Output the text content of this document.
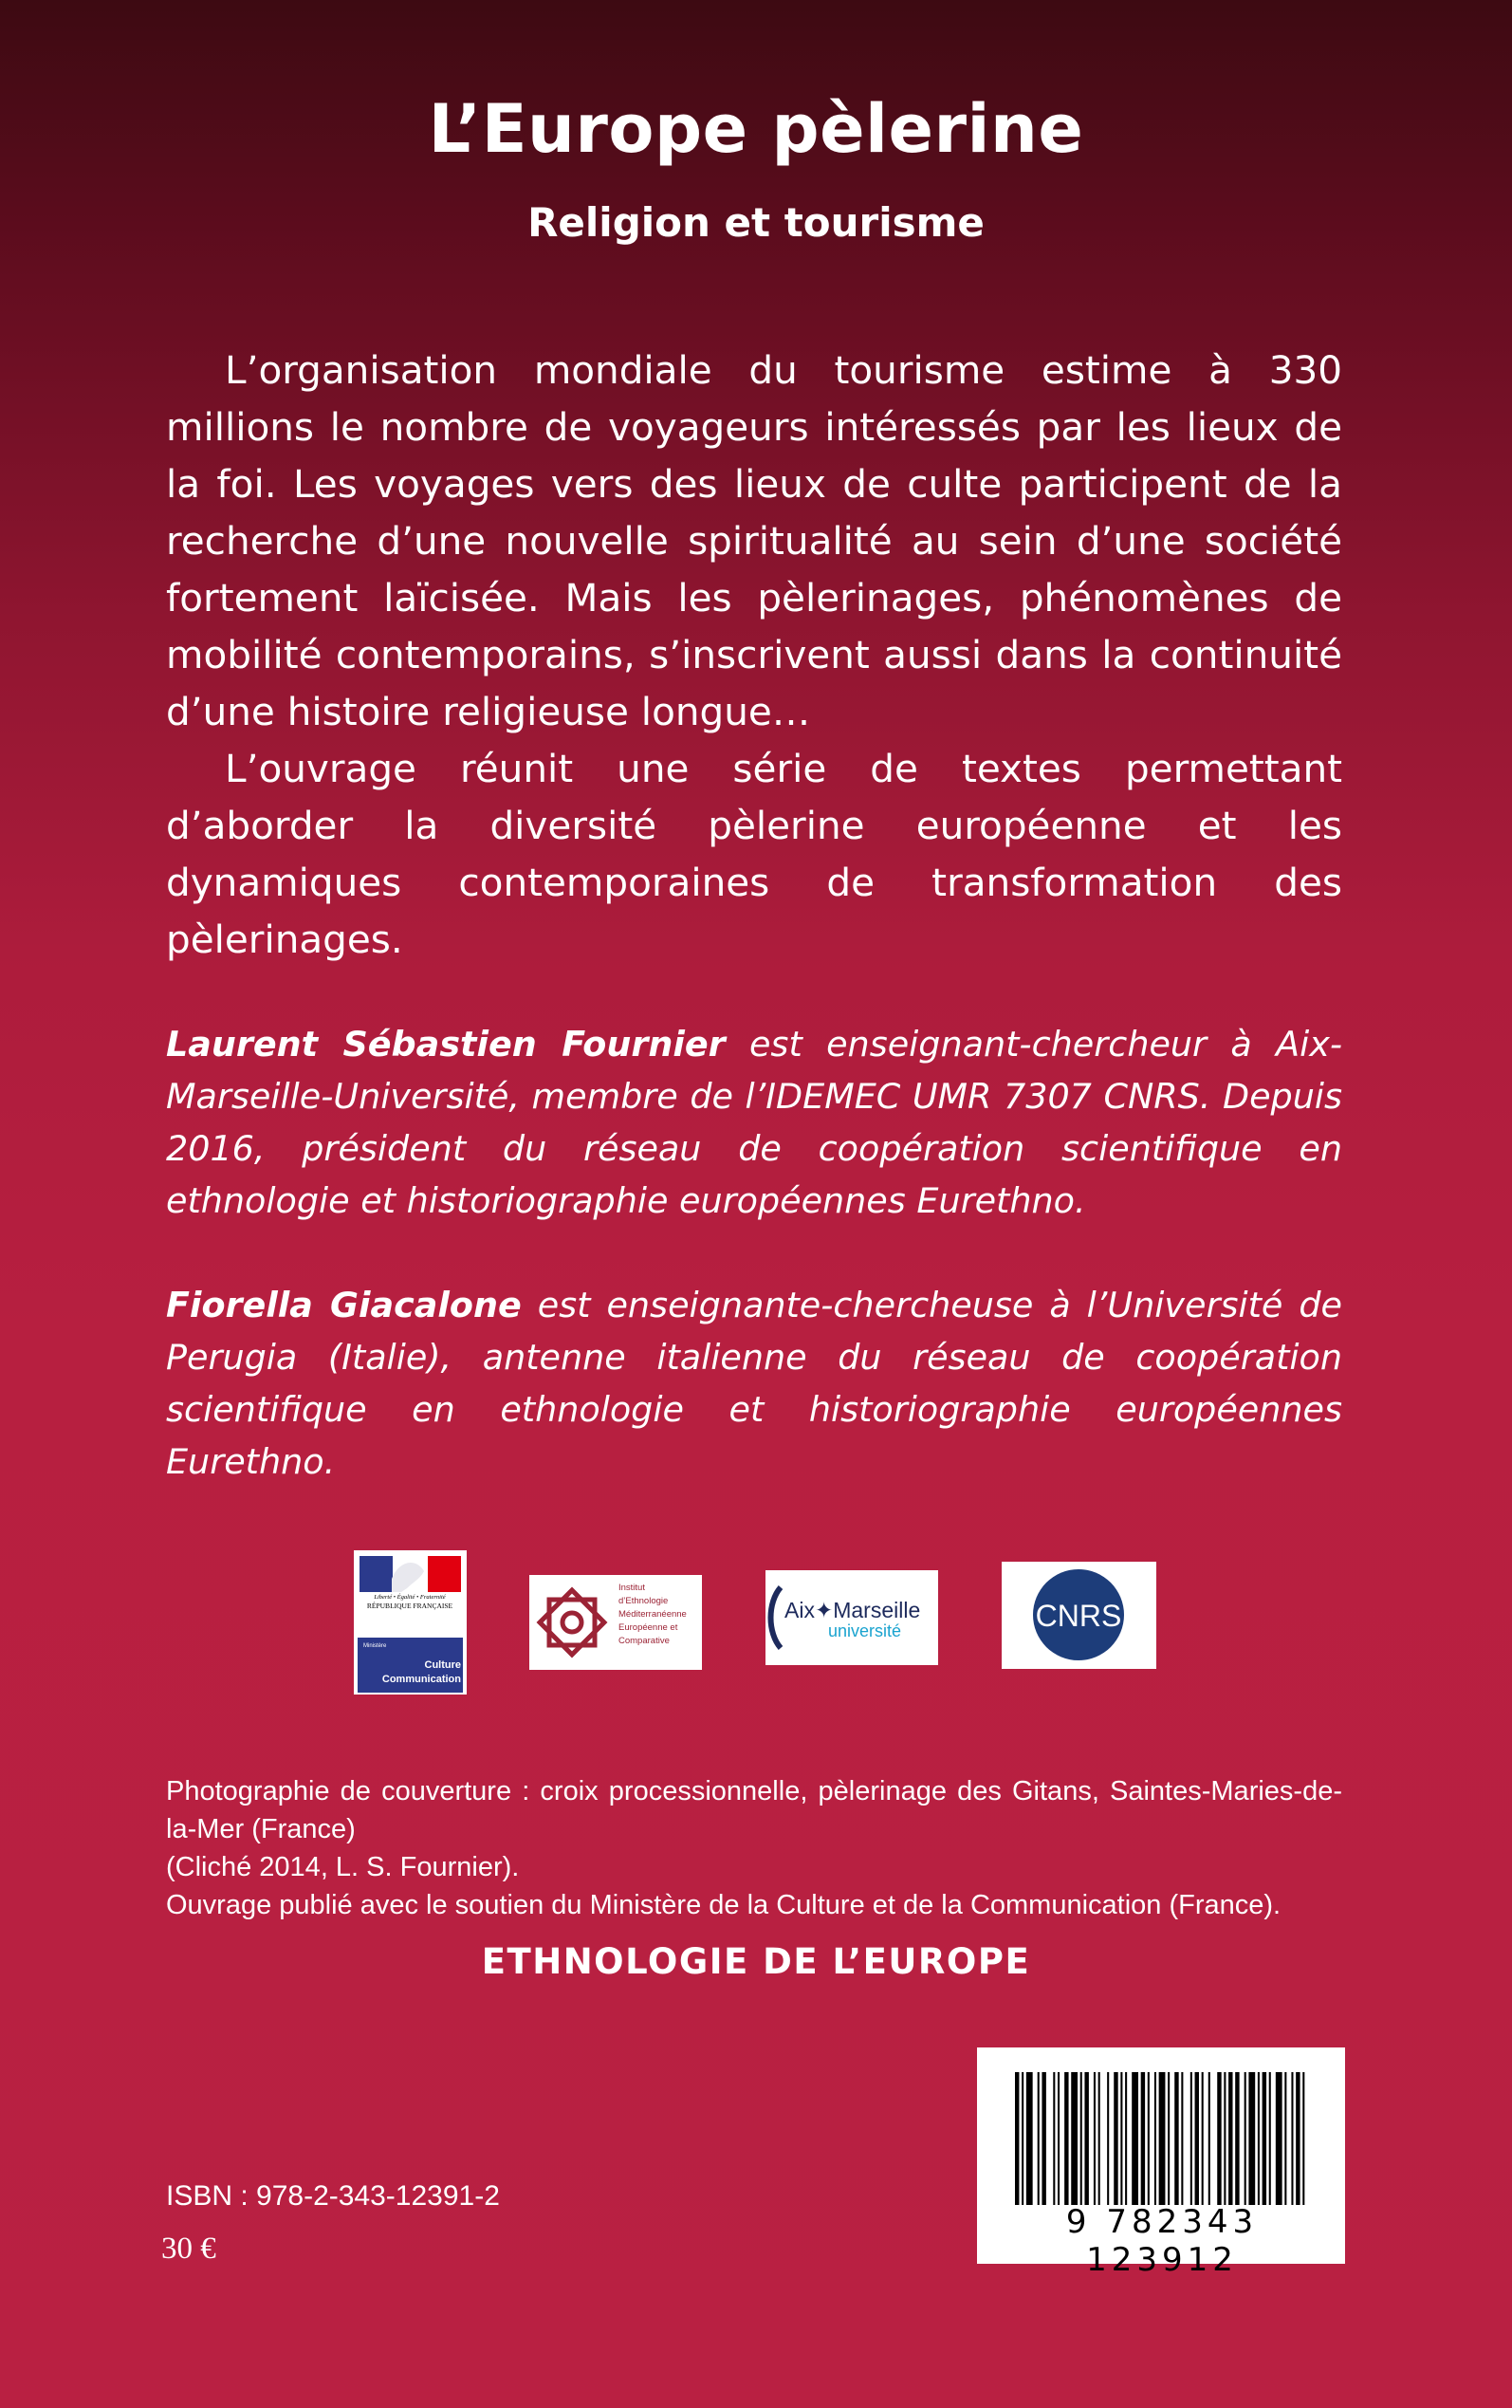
L’Europe pèlerine
Religion et tourisme

L’organisation mondiale du tourisme estime à 330 millions le nombre de voyageurs intéressés par les lieux de la foi. Les voyages vers des lieux de culte participent de la recherche d’une nouvelle spiritualité au sein d’une société fortement laïcisée. Mais les pèlerinages, phénomènes de mobilité contemporains, s’inscrivent aussi dans la continuité d’une histoire religieuse longue…

L’ouvrage réunit une série de textes permettant d’aborder la diversité pèlerine européenne et les dynamiques contemporaines de transformation des pèlerinages.

Laurent Sébastien Fournier est enseignant-chercheur à Aix-Marseille-Université, membre de l’IDEMEC UMR 7307 CNRS. Depuis 2016, président du réseau de coopération scientifique en ethnologie et historiographie européennes Eurethno.

Fiorella Giacalone est enseignante-chercheuse à l’Université de Perugia (Italie), antenne italienne du réseau de coopération scientifique en ethnologie et historiographie européennes Eurethno.

Liberté • Égalité • Fraternité
RÉPUBLIQUE FRANÇAISE
Ministère
Culture
Communication
Institut
d’Ethnologie
Méditerranéenne
Européenne et
Comparative
Aix✦Marseille
université	CNRS

Photographie de couverture : croix processionnelle, pèlerinage des Gitans, Saintes-Maries-de-la-Mer (France)

(Cliché 2014, L. S. Fournier).

Ouvrage publié avec le soutien du Ministère de la Culture et de la Communication (France).

ETHNOLOGIE DE L’EUROPE
ISBN : 978-2-343-12391-2
30 €
9 782343 123912
